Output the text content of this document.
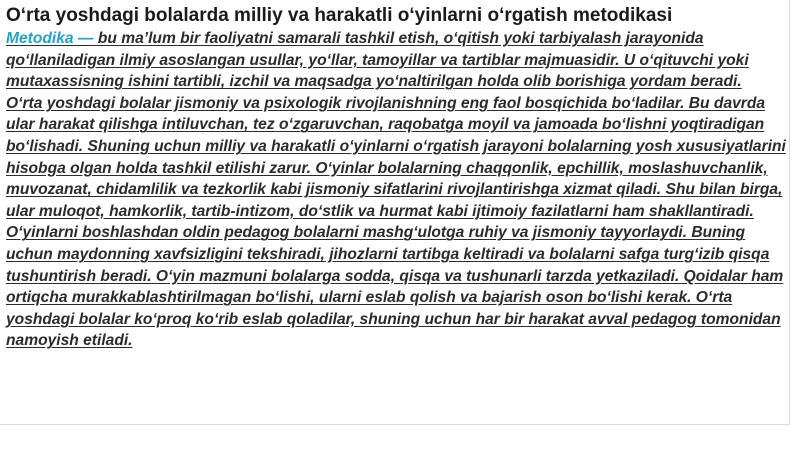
O‘rta yoshdagi bolalarda milliy va harakatli o‘yinlarni o‘rgatish metodikasi

Metodika — bu ma’lum bir faoliyatni samarali tashkil etish, o‘qitish yoki tarbiyalash jarayonida qo‘llaniladigan ilmiy asoslangan usullar, yo‘llar, tamoyillar va tartiblar majmuasidir. U o‘qituvchi yoki mutaxassisning ishini tartibli, izchil va maqsadga yo‘naltirilgan holda olib borishiga yordam beradi.

O‘rta yoshdagi bolalar jismoniy va psixologik rivojlanishning eng faol bosqichida bo‘ladilar. Bu davrda ular harakat qilishga intiluvchan, tez o‘zgaruvchan, raqobatga moyil va jamoada bo‘lishni yoqtiradigan bo‘lishadi. Shuning uchun milliy va harakatli o‘yinlarni o‘rgatish jarayoni bolalarning yosh xususiyatlarini hisobga olgan holda tashkil etilishi zarur. O‘yinlar bolalarning chaqqonlik, epchillik, moslashuvchanlik, muvozanat, chidamlilik va tezkorlik kabi jismoniy sifatlarini rivojlantirishga xizmat qiladi. Shu bilan birga, ular muloqot, hamkorlik, tartib-intizom, do‘stlik va hurmat kabi ijtimoiy fazilatlarni ham shakllantiradi.

O‘yinlarni boshlashdan oldin pedagog bolalarni mashg‘ulotga ruhiy va jismoniy tayyorlaydi. Buning uchun maydonning xavfsizligini tekshiradi, jihozlarni tartibga keltiradi va bolalarni safga turg‘izib qisqa tushuntirish beradi. O‘yin mazmuni bolalarga sodda, qisqa va tushunarli tarzda yetkaziladi. Qoidalar ham ortiqcha murakkablashtirilmagan bo‘lishi, ularni eslab qolish va bajarish oson bo‘lishi kerak. O‘rta yoshdagi bolalar ko‘proq ko‘rib eslab qoladilar, shuning uchun har bir harakat avval pedagog tomonidan namoyish etiladi.
